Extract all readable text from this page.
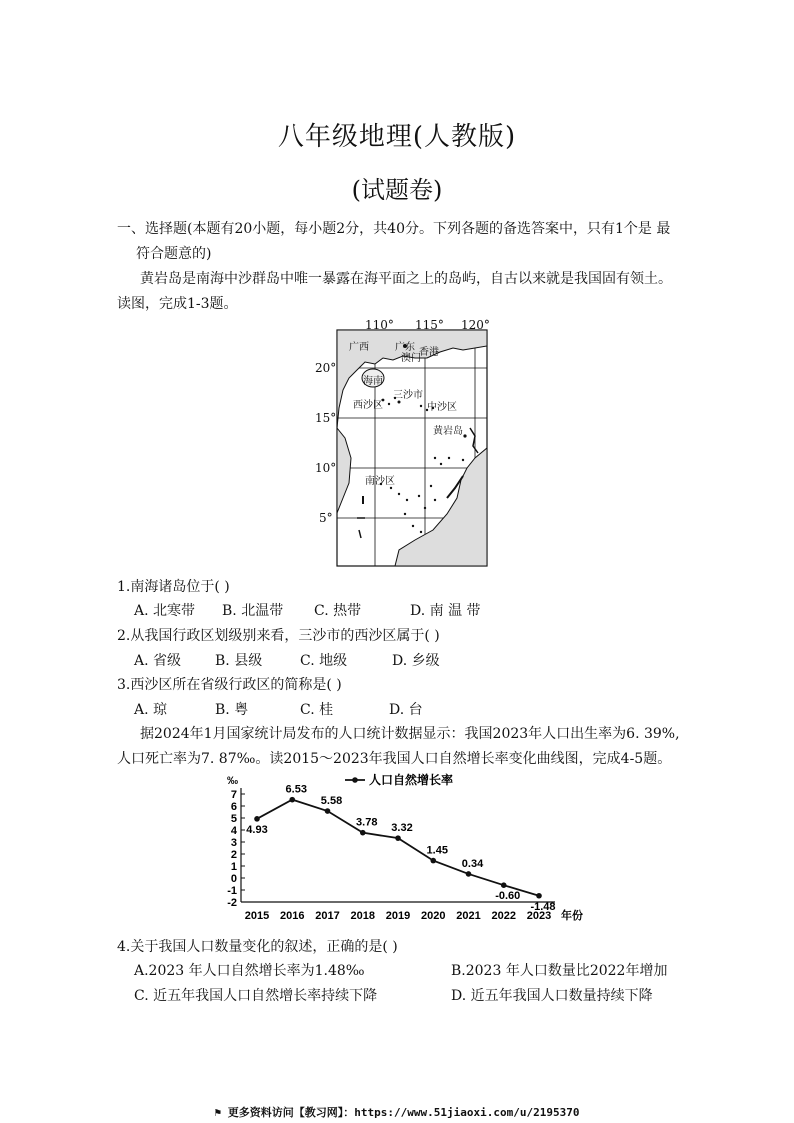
八年级地理(人教版)
(试题卷)
一、选择题(本题有20小题，每小题2分，共40分。下列各题的备选答案中，只有1个是 最
符合题意的)
黄岩岛是南海中沙群岛中唯一暴露在海平面之上的岛屿，自古以来就是我国固有领土。
读图，完成1-3题。
110° 115° 120°
20°
15°
10°
5°
广西	广东
澳门
香港
海南
三沙市
西沙区	中沙区
黄岩岛
南沙区
1.南海诸岛位于( )
A. 北寒带 B. 北温带 C. 热带	D. 南 温 带
2.从我国行政区划级别来看，三沙市的西沙区属于( )
A. 省级 B. 县级	C. 地级	D. 乡级
3.西沙区所在省级行政区的简称是( )
A. 琼	B. 粤	C. 桂	D. 台
据2024年1月国家统计局发布的人口统计数据显示：我国2023年人口出生率为6. 39%,
人口死亡率为7. 87‰。读2015～2023年我国人口自然增长率变化曲线图，完成4-5题。
7
6
5
4
3
2
1
0
-1
-2
‰
2015 2016 2017 2018 2019 2020 2021 2022 2023 年份
4.93
6.53
5.58
3.78 3.32
1.45
0.34
-0.60
-1.48
人口自然增长率
4.关于我国人口数量变化的叙述，正确的是( )
A.2023 年人口自然增长率为1.48‰	B.2023 年人口数量比2022年增加
C. 近五年我国人口自然增长率持续下降	D. 近五年我国人口数量持续下降
⚑ 更多资料访问【教习网】：https://www.51jiaoxi.com/u/2195370
